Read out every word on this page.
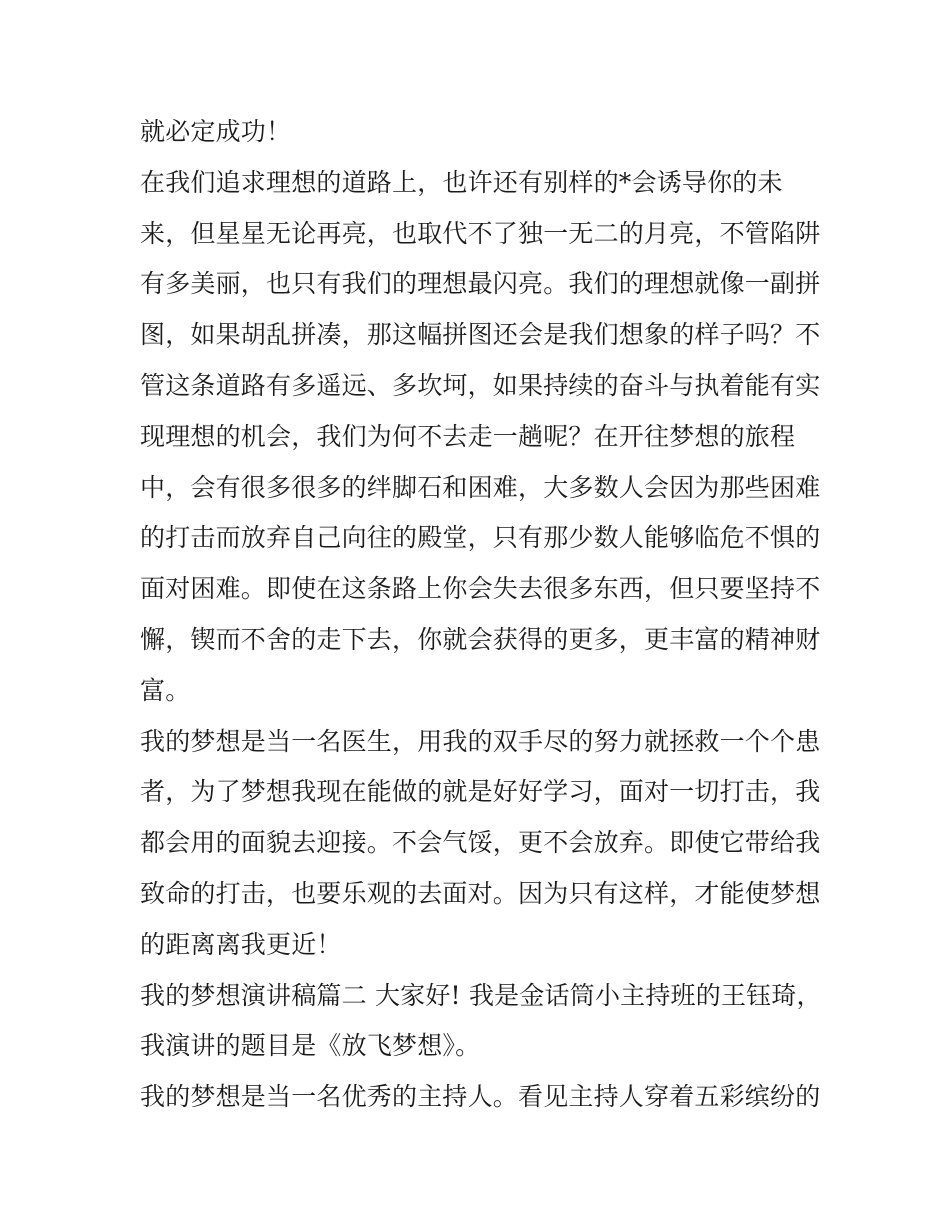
就必定成功！
在我们追求理想的道路上，也许还有别样的*会诱导你的未
来，但星星无论再亮，也取代不了独一无二的月亮，不管陷阱
有多美丽，也只有我们的理想最闪亮。我们的理想就像一副拼
图，如果胡乱拼凑，那这幅拼图还会是我们想象的样子吗？不
管这条道路有多遥远、多坎坷，如果持续的奋斗与执着能有实
现理想的机会，我们为何不去走一趟呢？在开往梦想的旅程
中，会有很多很多的绊脚石和困难，大多数人会因为那些困难
的打击而放弃自己向往的殿堂，只有那少数人能够临危不惧的
面对困难。即使在这条路上你会失去很多东西，但只要坚持不
懈，锲而不舍的走下去，你就会获得的更多，更丰富的精神财
富。
我的梦想是当一名医生，用我的双手尽的努力就拯救一个个患
者，为了梦想我现在能做的就是好好学习，面对一切打击，我
都会用的面貌去迎接。不会气馁，更不会放弃。即使它带给我
致命的打击，也要乐观的去面对。因为只有这样，才能使梦想
的距离离我更近！
我的梦想演讲稿篇二 大家好! 我是金话筒小主持班的王钰琦，
我演讲的题目是《放飞梦想》。
我的梦想是当一名优秀的主持人。看见主持人穿着五彩缤纷的
